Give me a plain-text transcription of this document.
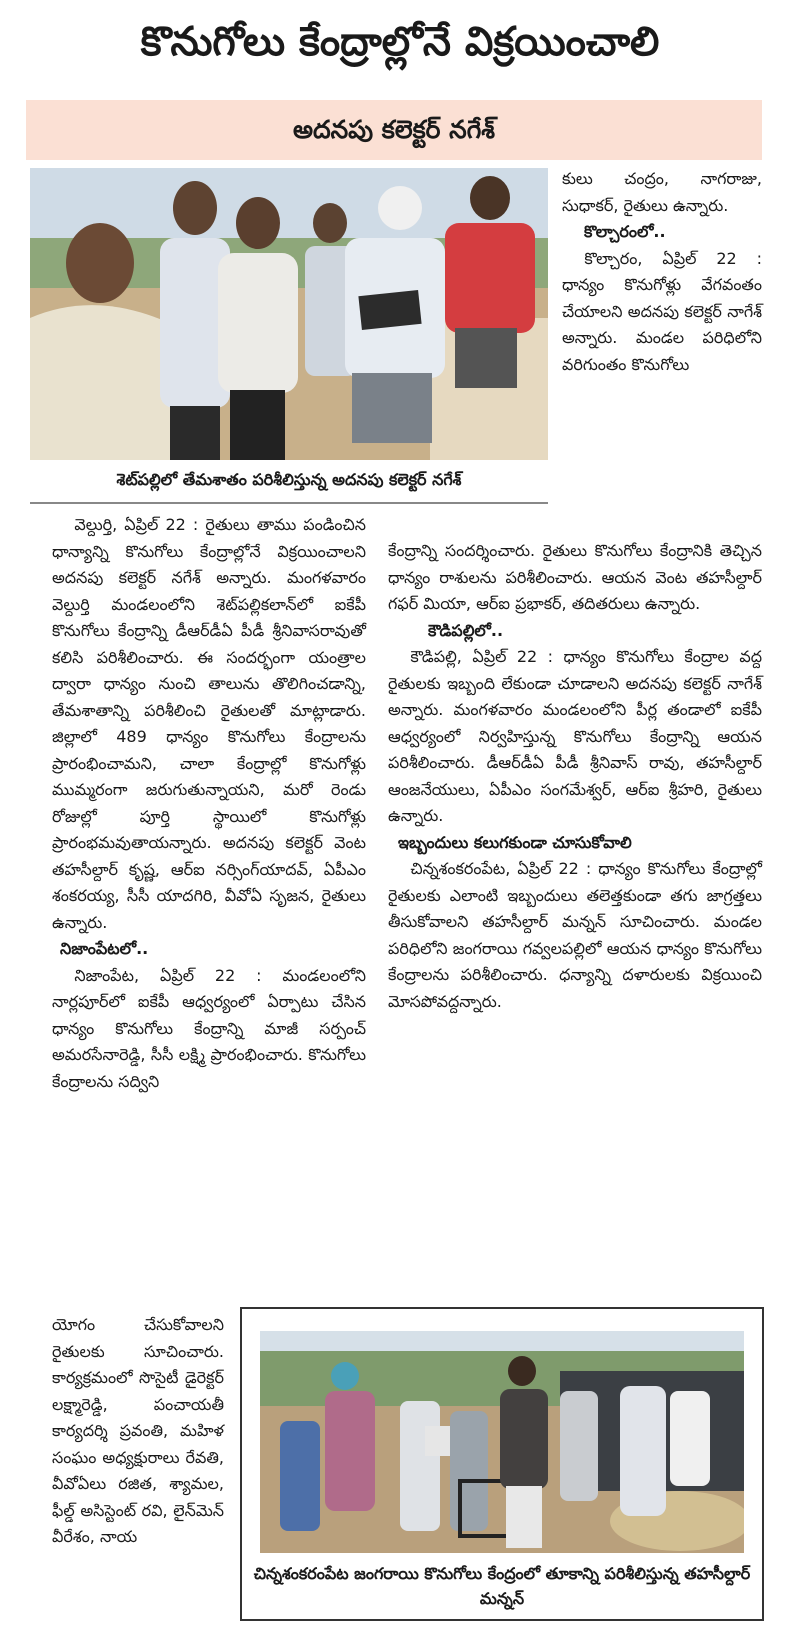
కొనుగోలు కేంద్రాల్లోనే విక్రయించాలి
అదనపు కలెక్టర్ నగేశ్
శెట్‌పల్లిలో తేమశాతం పరిశీలిస్తున్న అదనపు కలెక్టర్ నగేశ్

కులు చంద్రం, నాగరాజు, సుధాకర్, రైతులు ఉన్నారు.

కొల్చారంలో..

కొల్చారం, ఏప్రిల్ 22 : ధాన్యం కొనుగోళ్లు వేగవంతం చేయాలని అదనపు కలెక్టర్ నాగేశ్ అన్నారు. మండల పరిధిలోని వరిగుంతం కొనుగోలు

వెల్దుర్తి, ఏప్రిల్ 22 : రైతులు తాము పండించిన ధాన్యాన్ని కొనుగోలు కేంద్రాల్లోనే విక్రయించాలని అదనపు కలెక్టర్ నగేశ్ అన్నారు. మంగళవారం వెల్దుర్తి మండలంలోని శెట్‌పల్లికలాన్‌లో ఐకేపీ కొనుగోలు కేంద్రాన్ని డీఆర్‌డీఏ పీడీ శ్రీనివాసరావుతో కలిసి పరిశీలించారు. ఈ సందర్భంగా యంత్రాల ద్వారా ధాన్యం నుంచి తాలును తొలిగించడాన్ని, తేమశాతాన్ని పరిశీలించి రైతులతో మాట్లాడారు. జిల్లాలో 489 ధాన్యం కొనుగోలు కేంద్రాలను ప్రారంభించామని, చాలా కేంద్రాల్లో కొనుగోళ్లు ముమ్మరంగా జరుగుతున్నాయని, మరో రెండు రోజుల్లో పూర్తి స్థాయిలో కొనుగోళ్లు ప్రారంభమవుతాయన్నారు. అదనపు కలెక్టర్ వెంట తహసీల్దార్ కృష్ణ, ఆర్ఐ నర్సింగ్‌యాదవ్, ఏపీఎం శంకరయ్య, సీసీ యాదగిరి, వీవోఏ సృజన, రైతులు ఉన్నారు.

నిజాంపేటలో..

నిజాంపేట, ఏప్రిల్ 22 : మండలంలోని నార్లపూర్‌లో ఐకేపీ ఆధ్వర్యంలో ఏర్పాటు చేసిన ధాన్యం కొనుగోలు కేంద్రాన్ని మాజీ సర్పంచ్ అమరసేనారెడ్డి, సీసీ లక్ష్మి ప్రారంభించారు. కొనుగోలు కేంద్రాలను సద్విని

యోగం చేసుకోవాలని రైతులకు సూచించారు. కార్యక్రమంలో సొసైటీ డైరెక్టర్ లక్ష్మారెడ్డి, పంచాయతీ కార్యదర్శి ప్రవంతి, మహిళ సంఘం అధ్యక్షురాలు రేవతి, వీవోఏలు రజిత, శ్యామల, ఫీల్డ్ అసిస్టెంట్ రవి, లైన్‌మెన్ వీరేశం, నాయ

కేంద్రాన్ని సందర్శించారు. రైతులు కొనుగోలు కేంద్రానికి తెచ్చిన ధాన్యం రాశులను పరిశీలించారు. ఆయన వెంట తహసీల్దార్ గఫర్ మియా, ఆర్ఐ ప్రభాకర్, తదితరులు ఉన్నారు.

కౌడిపల్లిలో..

కౌడిపల్లి, ఏప్రిల్ 22 : ధాన్యం కొనుగోలు కేంద్రాల వద్ద రైతులకు ఇబ్బంది లేకుండా చూడాలని అదనపు కలెక్టర్ నాగేశ్ అన్నారు. మంగళవారం మండలంలోని పీర్ల తండాలో ఐకేపీ ఆధ్వర్యంలో నిర్వహిస్తున్న కొనుగోలు కేంద్రాన్ని ఆయన పరిశీలించారు. డీఆర్‌డీఏ పీడీ శ్రీనివాస్ రావు, తహసీల్దార్ ఆంజనేయులు, ఏపీఎం సంగమేశ్వర్, ఆర్ఐ శ్రీహరి, రైతులు ఉన్నారు.

ఇబ్బందులు కలుగకుండా చూసుకోవాలి

చిన్నశంకరంపేట, ఏప్రిల్ 22 : ధాన్యం కొనుగోలు కేంద్రాల్లో రైతులకు ఎలాంటి ఇబ్బందులు తలెత్తకుండా తగు జాగ్రత్తలు తీసుకోవాలని తహసీల్దార్ మన్నన్ సూచించారు. మండల పరిధిలోని జంగరాయి గవ్వలపల్లిలో ఆయన ధాన్యం కొనుగోలు కేంద్రాలను పరిశీలించారు. ధన్యాన్ని దళారులకు విక్రయించి మోసపోవద్దన్నారు.

చిన్నశంకరంపేట జంగరాయి కొనుగోలు కేంద్రంలో తూకాన్ని పరిశీలిస్తున్న తహసీల్దార్ మన్నన్
